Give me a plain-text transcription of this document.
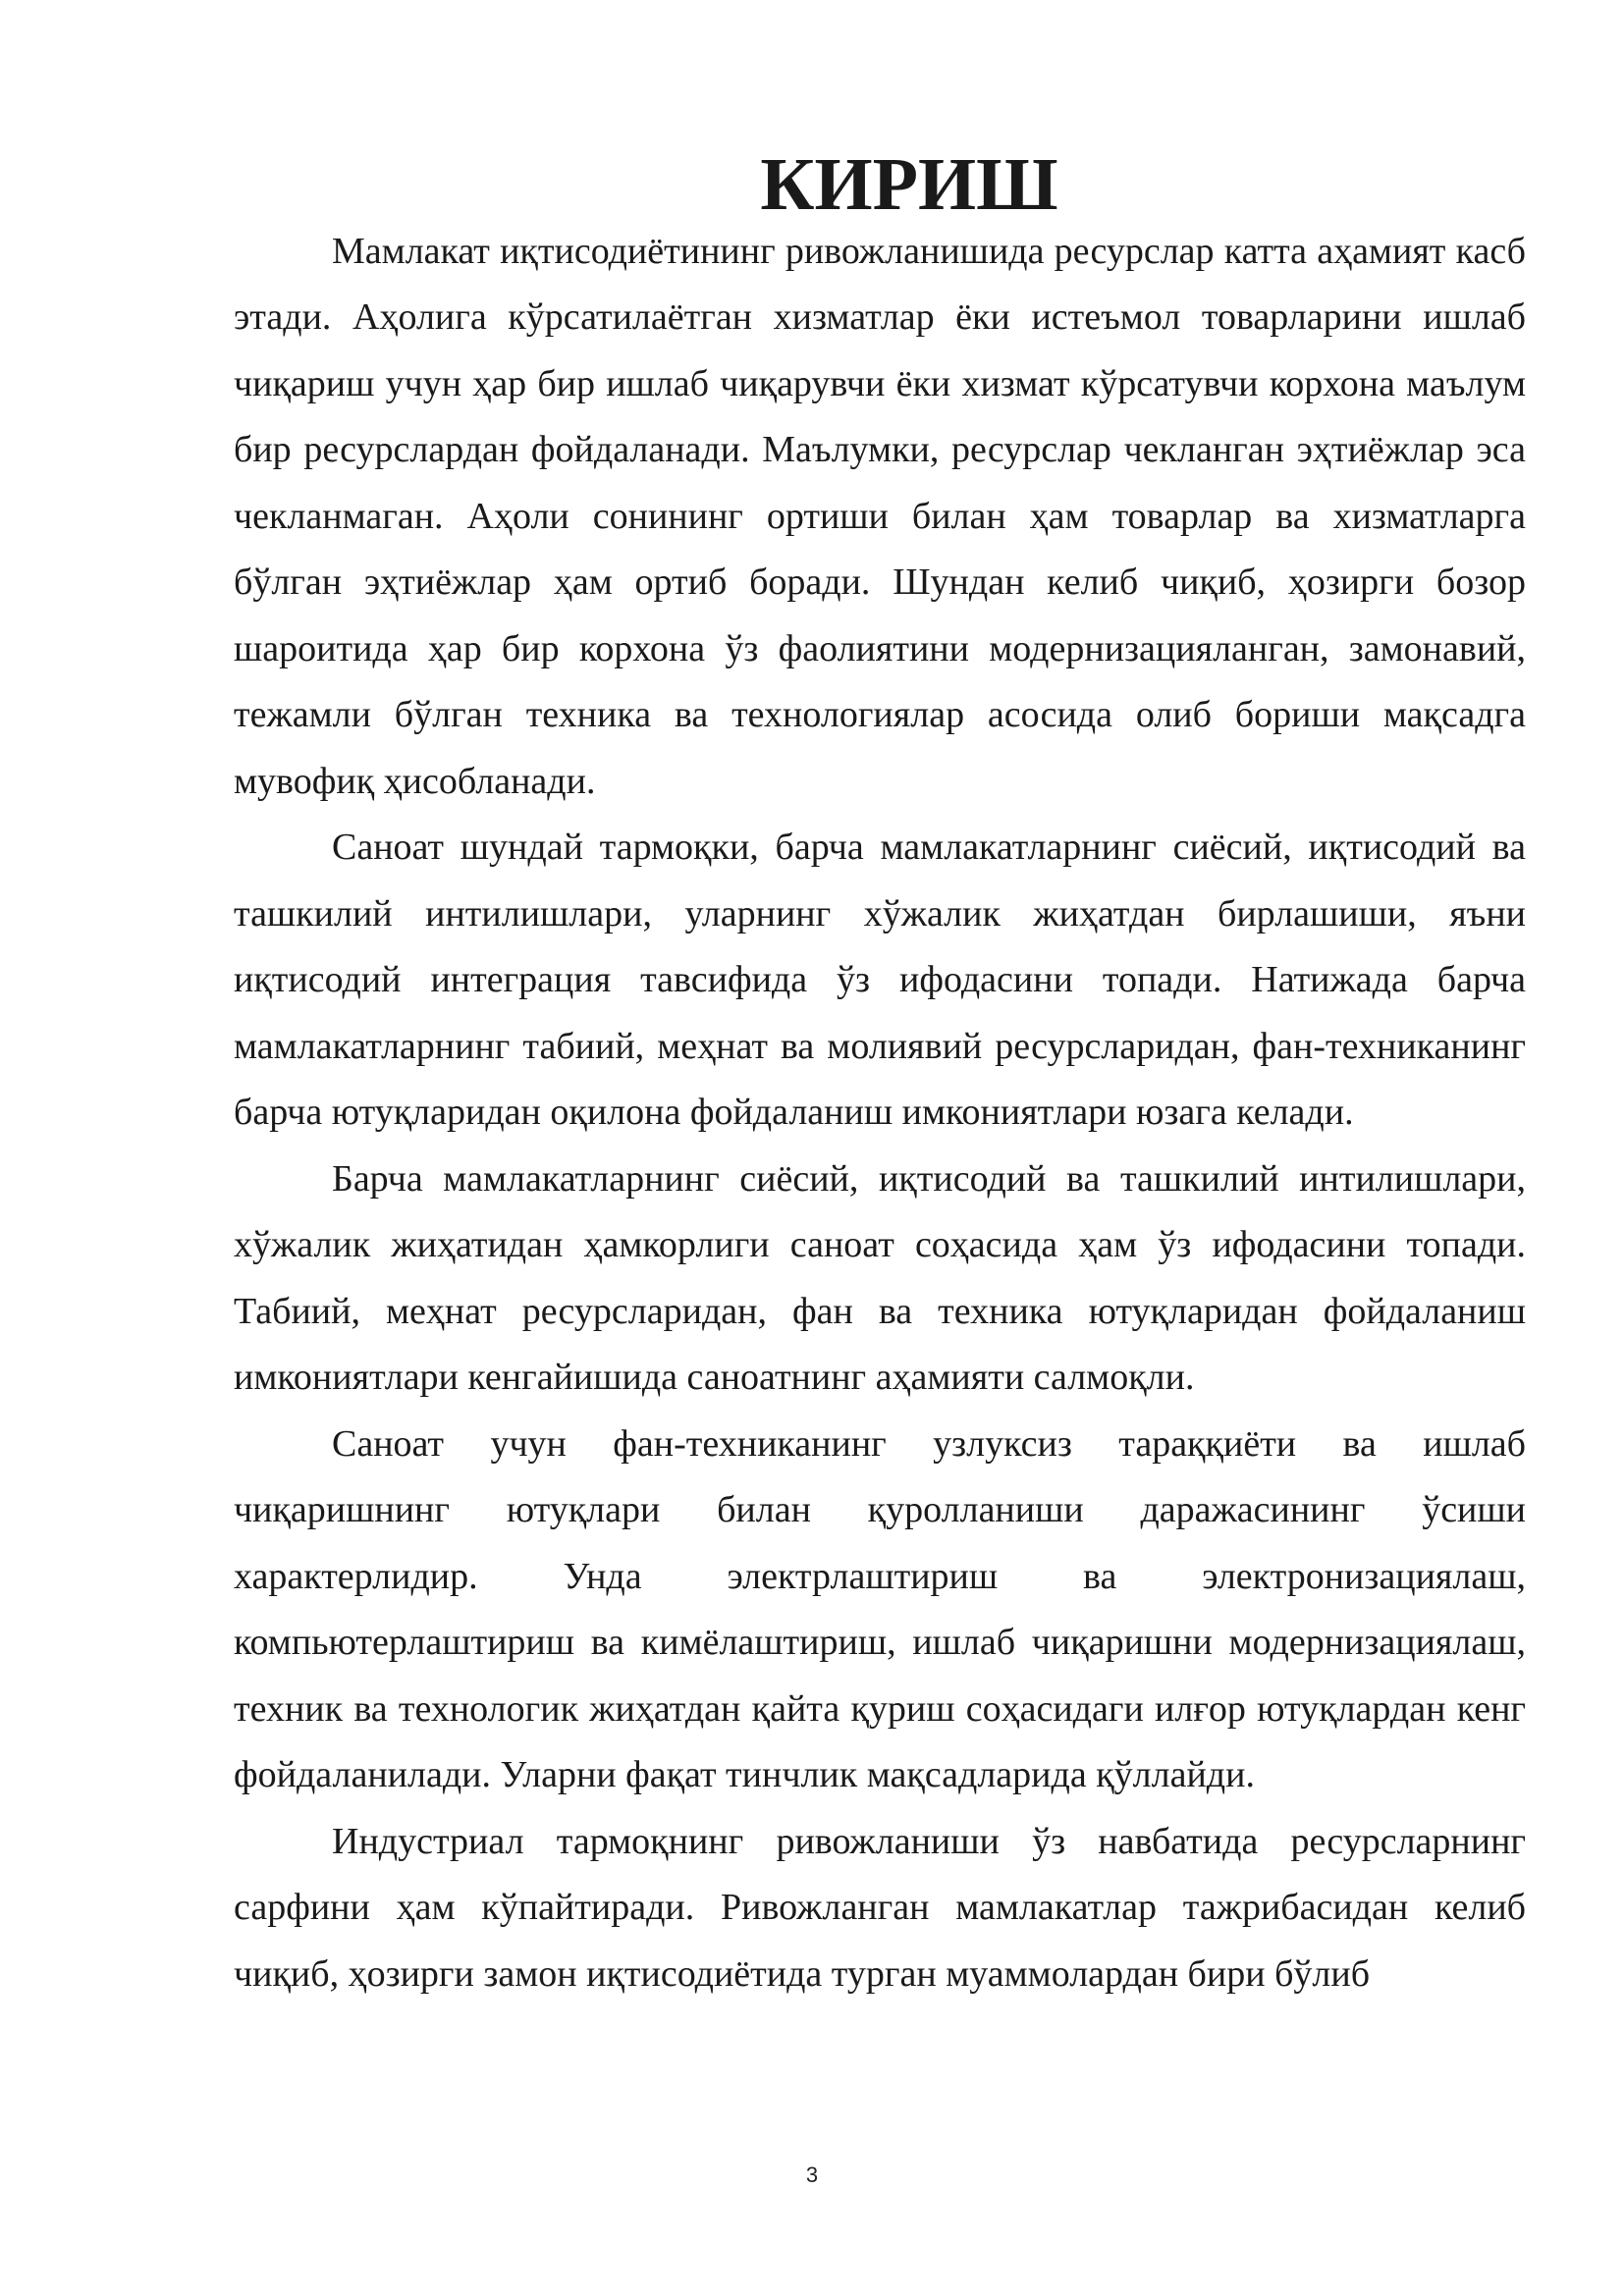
КИРИШ

Мамлакат иқтисодиётининг ривожланишида ресурслар катта аҳамият касб этади. Аҳолига кўрсатилаётган хизматлар ёки истеъмол товарларини ишлаб чиқариш учун ҳар бир ишлаб чиқарувчи ёки хизмат кўрсатувчи корхона маълум бир ресурслардан фойдаланади. Маълумки, ресурслар чекланган эҳтиёжлар эса чекланмаган. Аҳоли сонининг ортиши билан ҳам товарлар ва хизматларга бўлган эҳтиёжлар ҳам ортиб боради. Шундан келиб чиқиб, ҳозирги бозор шароитида ҳар бир корхона ўз фаолиятини модернизацияланган, замонавий, тежамли бўлган техника ва технологиялар асосида олиб бориши мақсадга мувофиқ ҳисобланади.

Саноат шундай тармоқки, барча мамлакатларнинг сиёсий, иқтисодий ва ташкилий интилишлари, уларнинг хўжалик жиҳатдан бирлашиши, яъни иқтисодий интеграция тавсифида ўз ифодасини топади. Натижада барча мамлакатларнинг табиий, меҳнат ва молиявий ресурсларидан, фан-техниканинг барча ютуқларидан оқилона фойдаланиш имкониятлари юзага келади.

Барча мамлакатларнинг сиёсий, иқтисодий ва ташкилий интилишлари, хўжалик жиҳатидан ҳамкорлиги саноат соҳасида ҳам ўз ифодасини топади. Табиий, меҳнат ресурсларидан, фан ва техника ютуқларидан фойдаланиш имкониятлари кенгайишида саноатнинг аҳамияти салмоқли.

Саноат учун фан-техниканинг узлуксиз тараққиёти ва ишлаб чиқаришнинг ютуқлари билан қуролланиши даражасининг ўсиши характерлидир. Унда электрлаштириш ва электронизациялаш, компьютерлаштириш ва кимёлаштириш, ишлаб чиқаришни модернизациялаш, техник ва технологик жиҳатдан қайта қуриш соҳасидаги илғор ютуқлардан кенг фойдаланилади. Уларни фақат тинчлик мақсадларида қўллайди.

Индустриал тармоқнинг ривожланиши ўз навбатида ресурсларнинг сарфини ҳам кўпайтиради. Ривожланган мамлакатлар тажрибасидан келиб чиқиб, ҳозирги замон иқтисодиётида турган муаммолардан бири бўлиб

3
